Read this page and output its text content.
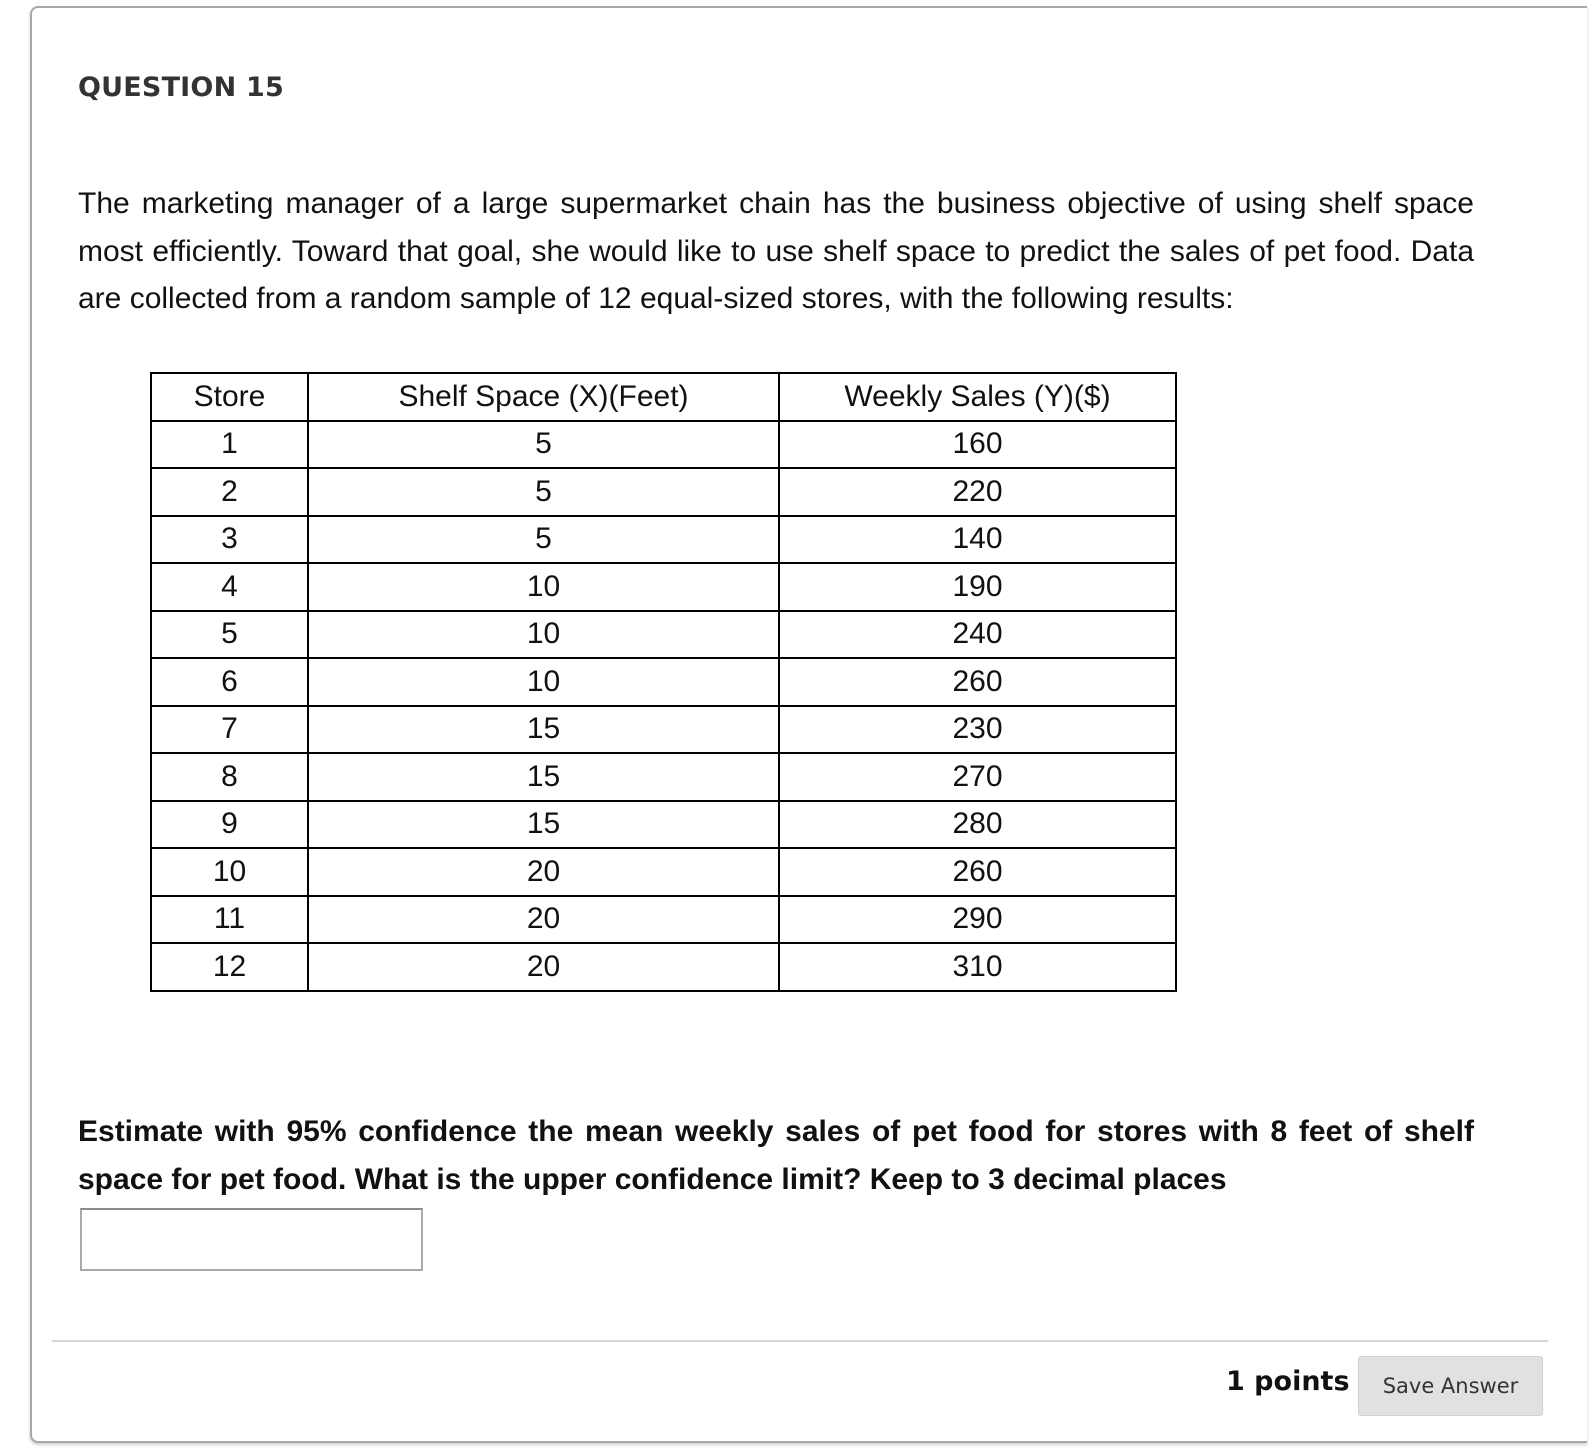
QUESTION 15

The marketing manager of a large supermarket chain has the business objective of using shelf space most efficiently. Toward that goal, she would like to use shelf space to predict the sales of pet food. Data are collected from a random sample of 12 equal-sized stores, with the following results:

Store	Shelf Space (X)(Feet)	Weekly Sales (Y)($)
1	5	160
2	5	220
3	5	140
4	10	190
5	10	240
6	10	260
7	15	230
8	15	270
9	15	280
10	20	260
11	20	290
12	20	310

Estimate with 95% confidence the mean weekly sales of pet food for stores with 8 feet of shelf space for pet food. What is the upper confidence limit? Keep to 3 decimal places

1 points	Save Answer
